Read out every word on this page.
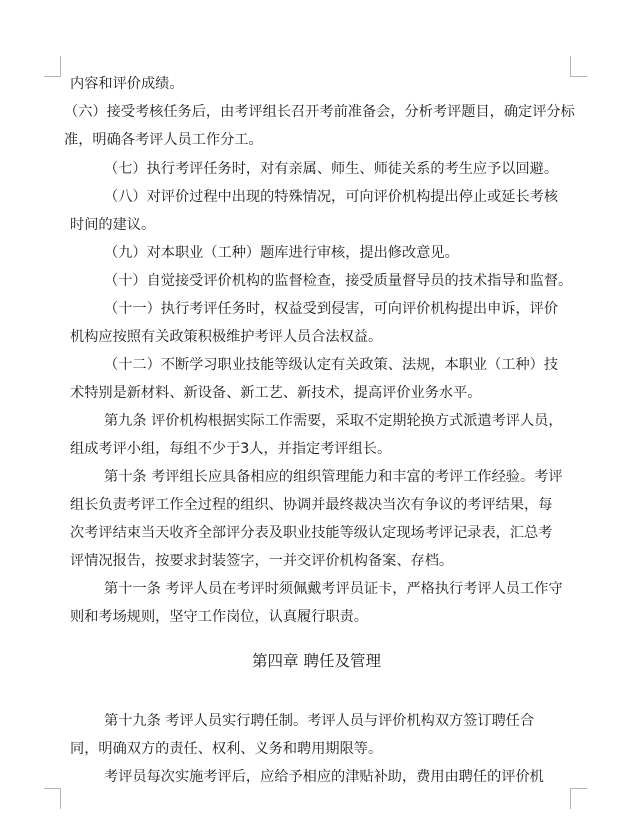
内容和评价成绩。
（六）接受考核任务后，由考评组长召开考前准备会，分析考评题目，确定评分标
准，明确各考评人员工作分工。
（七）执行考评任务时，对有亲属、师生、师徒关系的考生应予以回避。
（八）对评价过程中出现的特殊情况，可向评价机构提出停止或延长考核
时间的建议。
（九）对本职业（工种）题库进行审核，提出修改意见。
（十）自觉接受评价机构的监督检查，接受质量督导员的技术指导和监督。
（十一）执行考评任务时，权益受到侵害，可向评价机构提出申诉，评价
机构应按照有关政策积极维护考评人员合法权益。
（十二）不断学习职业技能等级认定有关政策、法规，本职业（工种）技
术特别是新材料、新设备、新工艺、新技术，提高评价业务水平。
第九条 评价机构根据实际工作需要，采取不定期轮换方式派遣考评人员，
组成考评小组，每组不少于3人，并指定考评组长。
第十条 考评组长应具备相应的组织管理能力和丰富的考评工作经验。考评
组长负责考评工作全过程的组织、协调并最终裁决当次有争议的考评结果，每
次考评结束当天收齐全部评分表及职业技能等级认定现场考评记录表，汇总考
评情况报告，按要求封装签字，一并交评价机构备案、存档。
第十一条 考评人员在考评时须佩戴考评员证卡，严格执行考评人员工作守
则和考场规则，坚守工作岗位，认真履行职责。
第四章 聘任及管理
第十九条 考评人员实行聘任制。考评人员与评价机构双方签订聘任合
同，明确双方的责任、权利、义务和聘用期限等。
考评员每次实施考评后，应给予相应的津贴补助，费用由聘任的评价机
